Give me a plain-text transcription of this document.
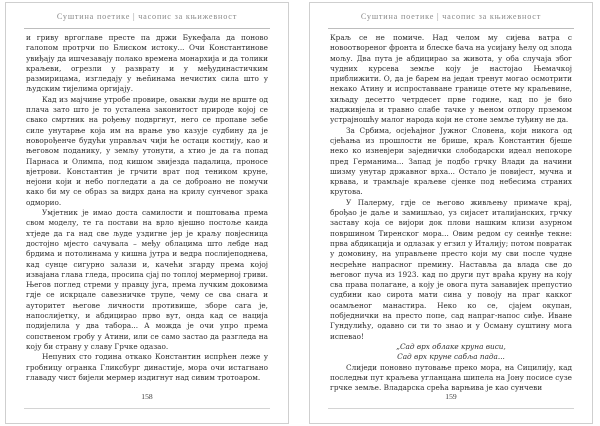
Суштина поетике | часопис за књижевност

и гриву вргоглаве престе па држи Букефала да поново галопом протрчи по Блиском истоку... Очи Константинове увиђају да ишчезавају полако времена монархија и да толики краљеви, огрезли у разврату и у међудинастичким размирицама, изгледају у њеñинама нечистих сила што у људским тијелима оргијају.

Кад из мајчине утробе провире, овакви људи не врште од плача зато што је то усталена законитост природе којој се свако смртник на рођењу подвргнут, него се пропаве зебе силе унутарње која им на врање уво казује судбину да је новорођенче будући управљач чији ће остаци костију, као и његовом поданику, у земљу утонути, а хтио је да га попад Парнаса и Олимпа, под кишом звијезда падалица, проносе вјетрови. Константин је грчити врат под теником круне, нејони који и небо погледати а да се доброано не помучи како би му се образ за видрх дана на крилу сунчевог зрака одморио.

Умјетник је имао доста самилости и поштовања према свом моделу, те га постави на врло вјешно постоље каида хтједе да га над све људе уздигне јер је краљу повјесница достојно мјесто сачувала – међу облацима што лебде над брдима и потолинама у кишна јутра и ведра послијеподнева, кад сунце сигурно залази и, качећи згарду према којој изваjана глава гледа, просипа сјај по топлој мермерној гриви. Његов поглед стреми у правцу југа, према лучким доковима гдје се искрцале савезничке трупе, чему се сва снага и ауторитет његове личности противише, зборе сага је, напослијетку, и абдицирао прво вут, онда кад се нација подијелила у два табора... А можда је очи упро према сопственом гробу у Атини, или се само застао да разгледа на кoју би страну у славу Грчке одазао.

Непуних сто година откако Константин испрћен леже у гробницу огранка Гликсбург династије, мора очи истагнано главаду чист бијели мермер издигнут над сивим тротоаром.

158
Суштина поетике | часопис за књижевност

Краљ се не помиче. Над челом му сијева ватра с новоотвореног фронта и блеске бача на усијану ћелу од злода мољу. Два пута је абдицирао за живота, у оба случаја због чудних курсева земље коју је настојао Њемачкој приближити. О, да је барем на један тренут могао осмотрити некако Атину и испроставване границе отете му краљевине, хиљаду десетто четрдесет прве године, кад по је био надживјела и травно слабе тачке у њеном отпору прземом устрајношћу малог народа који не стоне земље туђину не да.

За Србима, осјећајног Јужног Словена, који никога од сјећања из прошлости не брише, краљ Константин бјеше неко ко изневјери заједнички слободарски идеал непокоре пред Германима... Запад је подбо грчку Влади да начини шизму унутар државног врха... Остало је повијест, мучна и крвава, и трамљаје краљеве сјенке под небесима страних крутова.

У Палерму, гдје се његово живљењу примаче крај, брођао је даље и замишљао, уз сијасет италијанских, грчку заставу која се вијори док плови нашким клизи азурном површином Тиренског мора... Овим редом су сеинђе текне: прва абдикација и одлазак у егзил у Италију; потом повратак у домовину, на управљене престо који му сви после чудне несрећне напрасног премину. Наставља да влада све до његовог пуча из 1923. кад по други пут враћа круну на коју сва права полагане, а коју је овога пута занавијек препустио судбини као сирота мати сина у повоју на праг какког осамљеног манастира. Неко ко се, сјаjем окупан, побједнички на престо попе, сад напраг-напос сиђе. Иване Гундулићу, одавно си ти то знао и у Осману суштину мога испевао!

„Сад врх облаке круна виси,

Сад врх круне сабља пада...

Слиједи поновно путовање преко мора, на Сицилију, кад последњи пут краљева угланцана шипела на Јону посисе сузе грчке земље. Владарска срећа варњива је као сунчеви

159
